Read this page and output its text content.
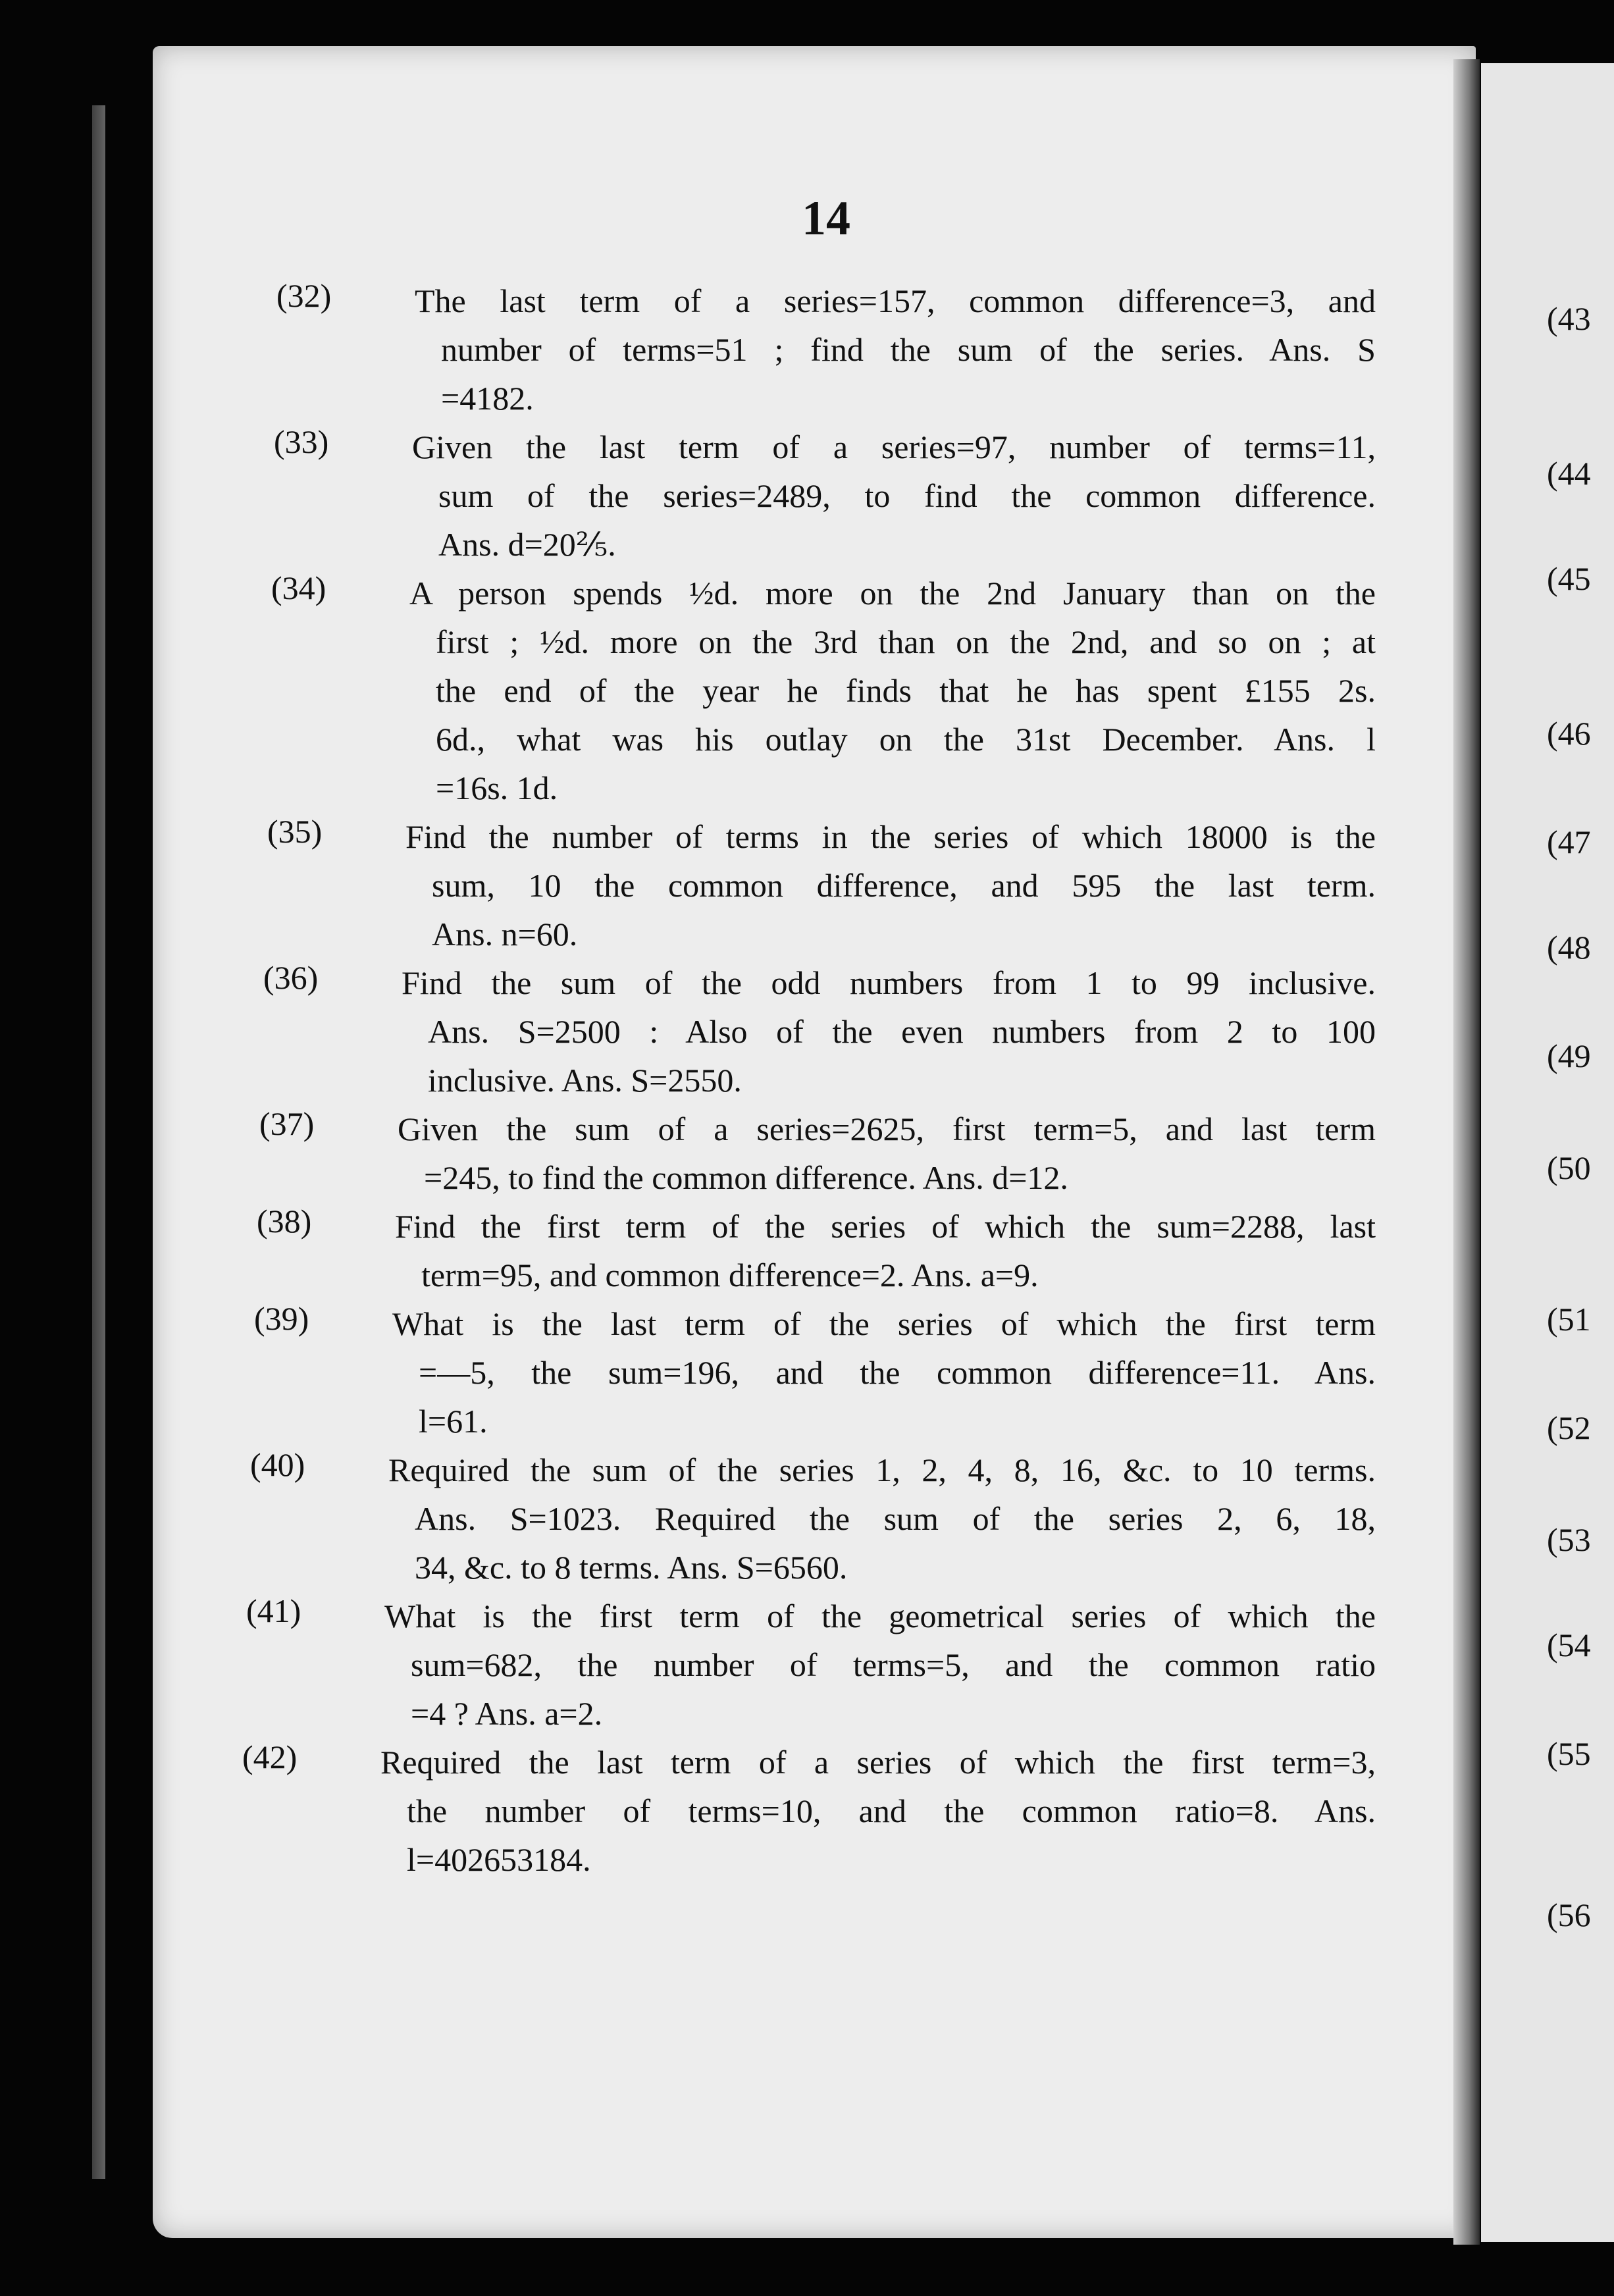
14
(32)	The last term of a series=157, common difference=3, and
number of terms=51 ; find the sum of the series. Ans. S
=4182.
(33)	Given the last term of a series=97, number of terms=11,
sum of the series=2489, to find the common difference.
Ans. d=20⅖.
(34)	A person spends ½d. more on the 2nd January than on the
first ; ½d. more on the 3rd than on the 2nd, and so on ; at
the end of the year he finds that he has spent £155 2s.
6d., what was his outlay on the 31st December. Ans. l
=16s. 1d.
(35)	Find the number of terms in the series of which 18000 is the
sum, 10 the common difference, and 595 the last term.
Ans. n=60.
(36)	Find the sum of the odd numbers from 1 to 99 inclusive.
Ans. S=2500 : Also of the even numbers from 2 to 100
inclusive. Ans. S=2550.
(37)	Given the sum of a series=2625, first term=5, and last term
=245, to find the common difference. Ans. d=12.
(38)	Find the first term of the series of which the sum=2288, last
term=95, and common difference=2. Ans. a=9.
(39)	What is the last term of the series of which the first term
=—5, the sum=196, and the common difference=11. Ans.
l=61.
(40)	Required the sum of the series 1, 2, 4, 8, 16, &c. to 10 terms.
Ans. S=1023. Required the sum of the series 2, 6, 18,
34, &c. to 8 terms. Ans. S=6560.
(41)	What is the first term of the geometrical series of which the
sum=682, the number of terms=5, and the common ratio
=4 ? Ans. a=2.
(42)	Required the last term of a series of which the first term=3,
the number of terms=10, and the common ratio=8. Ans.
l=402653184.
(43
(44
(45
(46
(47
(48
(49
(50
(51
(52
(53
(54
(55
(56
